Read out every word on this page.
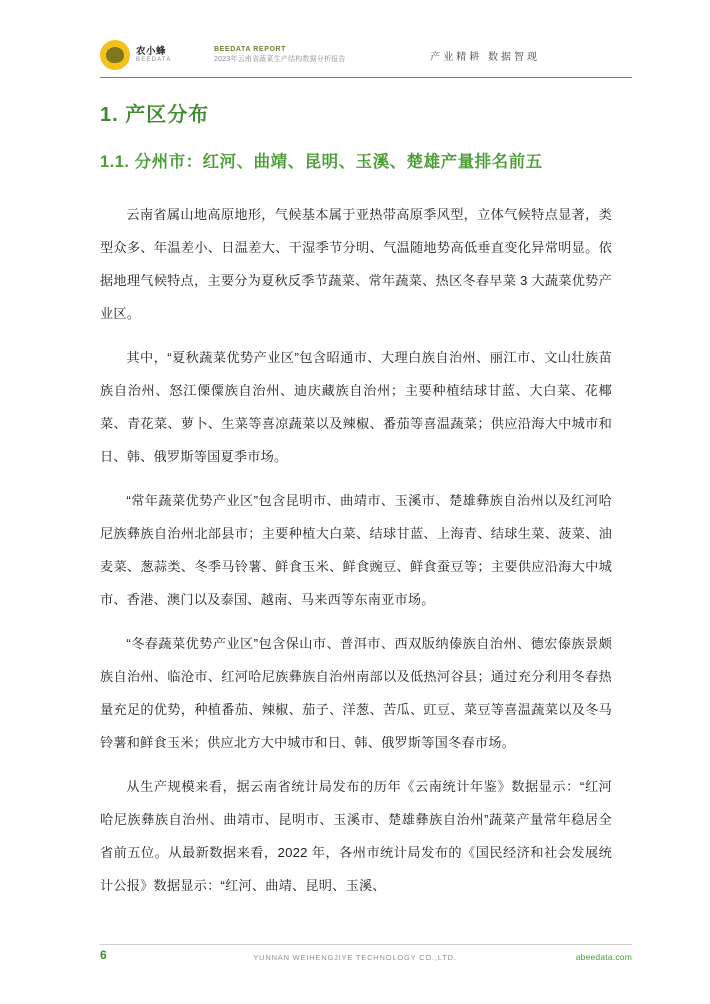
农小蜂
BEEDATA
BEEDATA REPORT
2023年云南省蔬菜生产结构数据分析报告	产业精耕 数据智现
1. 产区分布
1.1. 分州市：红河、曲靖、昆明、玉溪、楚雄产量排名前五

云南省属山地高原地形，气候基本属于亚热带高原季风型，立体气候特点显著，类型众多、年温差小、日温差大、干湿季节分明、气温随地势高低垂直变化异常明显。依据地理气候特点，主要分为夏秋反季节蔬菜、常年蔬菜、热区冬春早菜 3 大蔬菜优势产业区。

其中，“夏秋蔬菜优势产业区”包含昭通市、大理白族自治州、丽江市、文山壮族苗族自治州、怒江傈僳族自治州、迪庆藏族自治州；主要种植结球甘蓝、大白菜、花椰菜、青花菜、萝卜、生菜等喜凉蔬菜以及辣椒、番茄等喜温蔬菜；供应沿海大中城市和日、韩、俄罗斯等国夏季市场。

“常年蔬菜优势产业区”包含昆明市、曲靖市、玉溪市、楚雄彝族自治州以及红河哈尼族彝族自治州北部县市；主要种植大白菜、结球甘蓝、上海青、结球生菜、菠菜、油麦菜、葱蒜类、冬季马铃薯、鲜食玉米、鲜食豌豆、鲜食蚕豆等；主要供应沿海大中城市、香港、澳门以及泰国、越南、马来西等东南亚市场。

“冬春蔬菜优势产业区”包含保山市、普洱市、西双版纳傣族自治州、德宏傣族景颇族自治州、临沧市、红河哈尼族彝族自治州南部以及低热河谷县；通过充分利用冬春热量充足的优势，种植番茄、辣椒、茄子、洋葱、苦瓜、豇豆、菜豆等喜温蔬菜以及冬马铃薯和鲜食玉米；供应北方大中城市和日、韩、俄罗斯等国冬春市场。

从生产规模来看，据云南省统计局发布的历年《云南统计年鉴》数据显示：“红河哈尼族彝族自治州、曲靖市、昆明市、玉溪市、楚雄彝族自治州”蔬菜产量常年稳居全省前五位。从最新数据来看，2022 年，各州市统计局发布的《国民经济和社会发展统计公报》数据显示：“红河、曲靖、昆明、玉溪、

6	YUNNAN WEIHENGJIYE TECHNOLOGY CO.,LTD.	abeedata.com
